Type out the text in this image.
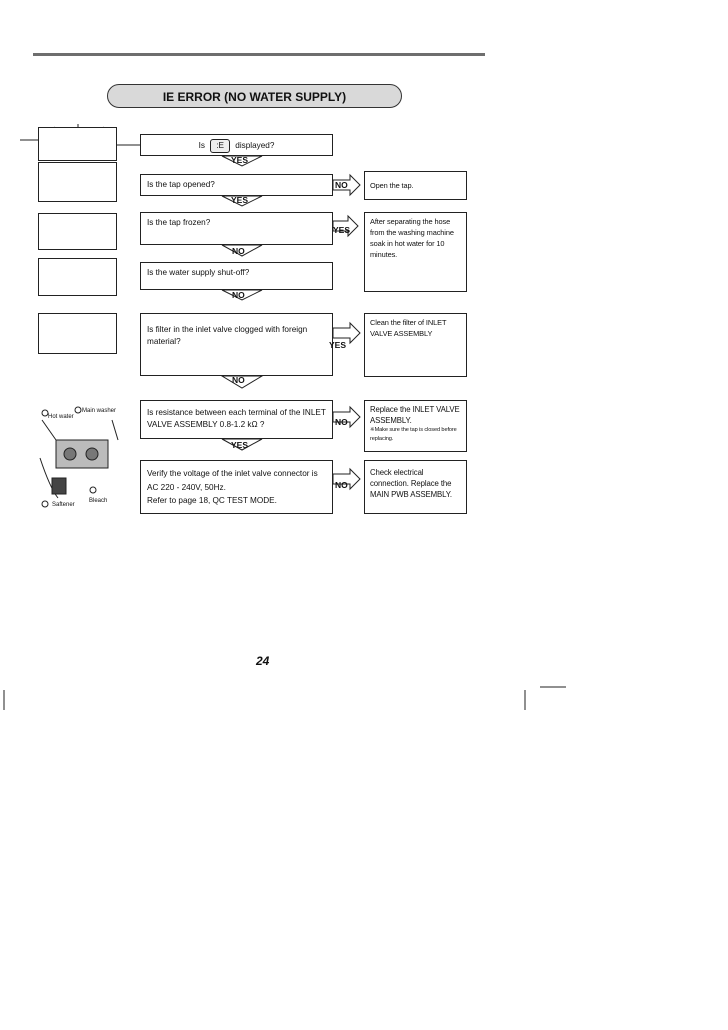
IE ERROR (NO WATER SUPPLY)
Main washer
Hot water
Bleach
Saftener
Is :E displayed?
Is the tap opened?
Is the tap frozen?
Is the water supply shut-off?
Is filter in the inlet valve clogged with foreign material?
Is resistance between each terminal of the INLET VALVE ASSEMBLY 0.8-1.2 kΩ ?
Verify the voltage of the inlet valve connector is
AC 220 - 240V, 50Hz.
Refer to page 18, QC TEST MODE.
Open the tap.
After separating the hose from the washing machine soak in hot water for 10 minutes.
Clean the filter of INLET VALVE ASSEMBLY
Replace the INLET VALVE ASSEMBLY.
※Make sure the tap is closed before replacing.
Check electrical connection. Replace the MAIN PWB ASSEMBLY.
YES
YES
NO
NO
NO
YES
NO
YES
YES
NO
NO
24
